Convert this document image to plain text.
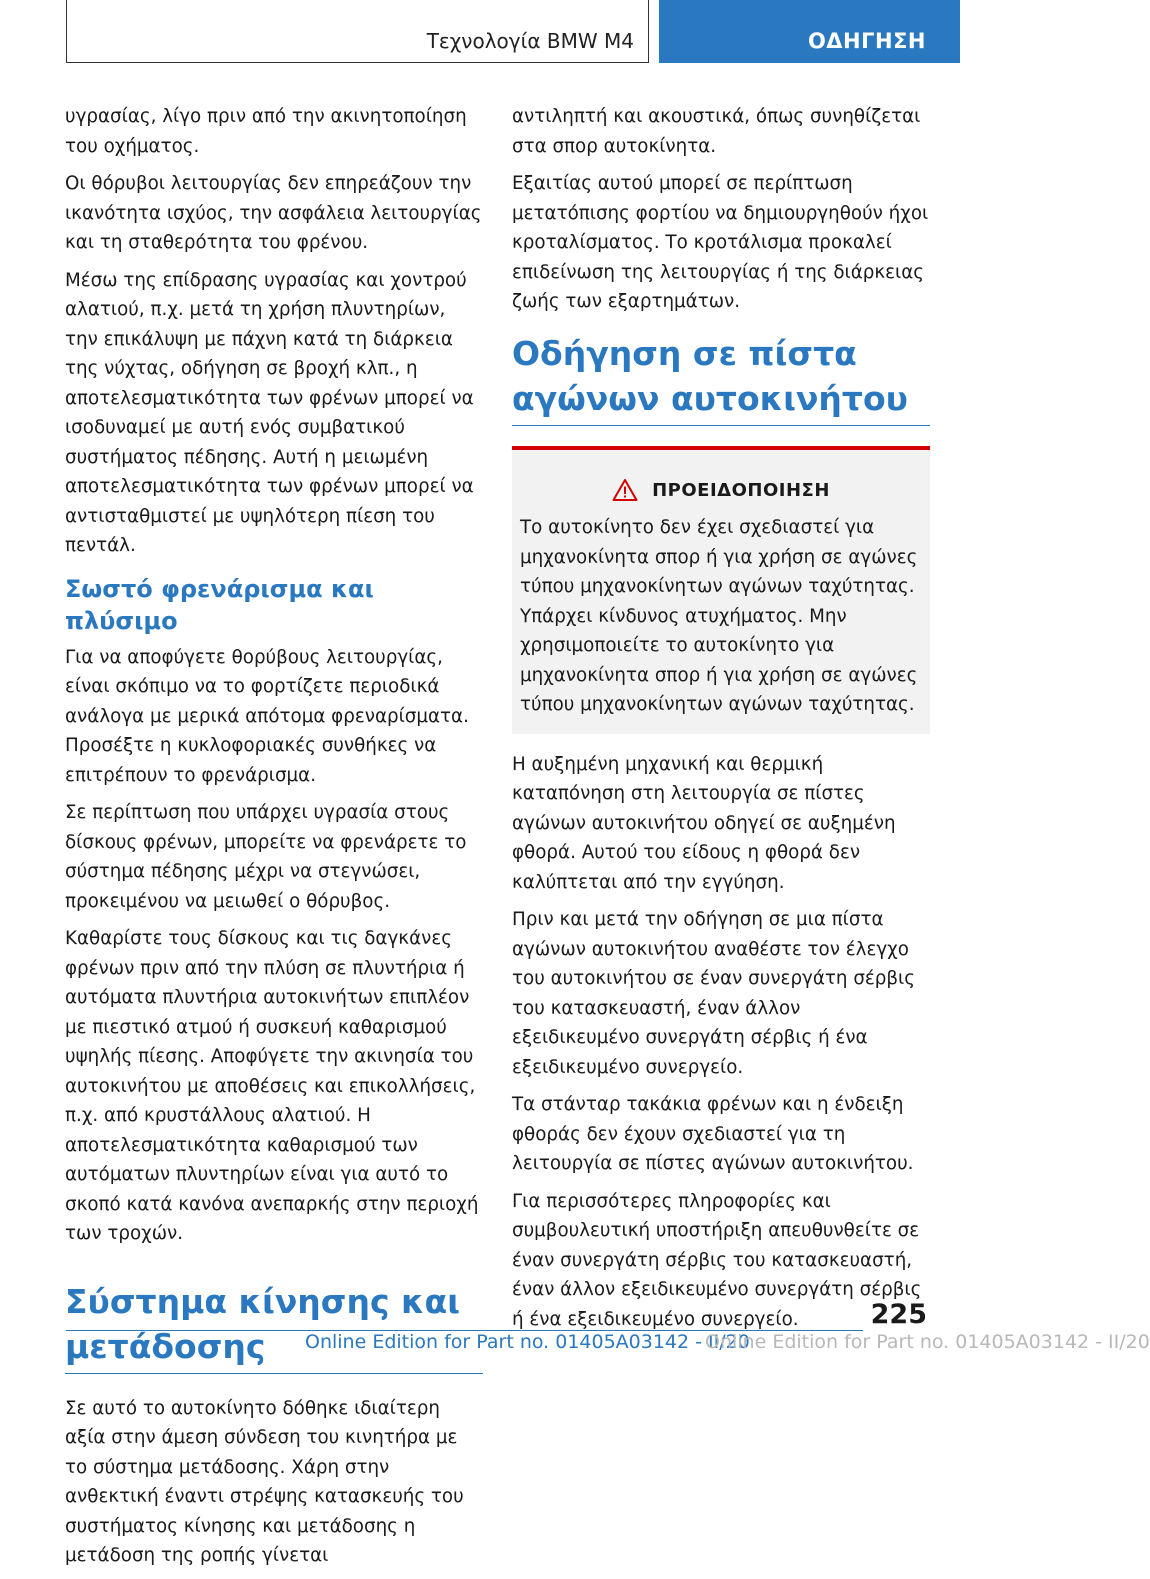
Τεχνολογία BMW M4	ΟΔΗΓΗΣΗ

υγρασίας, λίγο πριν από την ακινητοποίηση του οχήματος.

Οι θόρυβοι λειτουργίας δεν επηρεάζουν την ικανότητα ισχύος, την ασφάλεια λειτουργίας και τη σταθερότητα του φρένου.

Μέσω της επίδρασης υγρασίας και χοντρού αλατιού, π.χ. μετά τη χρήση πλυντηρίων, την επικάλυψη με πάχνη κατά τη διάρκεια της νύχτας, οδήγηση σε βροχή κλπ., η αποτελεσματικότητα των φρένων μπορεί να ισοδυναμεί με αυτή ενός συμβατικού συστήματος πέδησης. Αυτή η μειωμένη αποτελεσματικότητα των φρένων μπορεί να αντισταθμιστεί με υψηλότερη πίεση του πεντάλ.

Σωστό φρενάρισμα και πλύσιμο

Για να αποφύγετε θορύβους λειτουργίας, είναι σκόπιμο να το φορτίζετε περιοδικά ανάλογα με μερικά απότομα φρεναρίσματα. Προσέξτε η κυκλοφοριακές συνθήκες να επιτρέπουν το φρενάρισμα.

Σε περίπτωση που υπάρχει υγρασία στους δίσκους φρένων, μπορείτε να φρενάρετε το σύστημα πέδησης μέχρι να στεγνώσει, προκειμένου να μειωθεί ο θόρυβος.

Καθαρίστε τους δίσκους και τις δαγκάνες φρένων πριν από την πλύση σε πλυντήρια ή αυτόματα πλυντήρια αυτοκινήτων επιπλέον με πιεστικό ατμού ή συσκευή καθαρισμού υψηλής πίεσης. Αποφύγετε την ακινησία του αυτοκινήτου με αποθέσεις και επικολλήσεις, π.χ. από κρυστάλλους αλατιού. Η αποτελεσματικότητα καθαρισμού των αυτόματων πλυντηρίων είναι για αυτό το σκοπό κατά κανόνα ανεπαρκής στην περιοχή των τροχών.

Σύστημα κίνησης και μετάδοσης

Σε αυτό το αυτοκίνητο δόθηκε ιδιαίτερη αξία στην άμεση σύνδεση του κινητήρα με το σύστημα μετάδοσης. Χάρη στην ανθεκτική έναντι στρέψης κατασκευής του συστήματος κίνησης και μετάδοσης η μετάδοση της ροπής γίνεται

αντιληπτή και ακουστικά, όπως συνηθίζεται στα σπορ αυτοκίνητα.

Εξαιτίας αυτού μπορεί σε περίπτωση μετατόπισης φορτίου να δημιουργηθούν ήχοι κροταλίσματος. Το κροτάλισμα προκαλεί επιδείνωση της λειτουργίας ή της διάρκειας ζωής των εξαρτημάτων.

Οδήγηση σε πίστα αγώνων αυτοκινήτου
ΠΡΟΕΙΔΟΠΟΙΗΣΗ

Το αυτοκίνητο δεν έχει σχεδιαστεί για μηχανοκίνητα σπορ ή για χρήση σε αγώνες τύπου μηχανοκίνητων αγώνων ταχύτητας. Υπάρχει κίνδυνος ατυχήματος. Μην χρησιμοποιείτε το αυτοκίνητο για μηχανοκίνητα σπορ ή για χρήση σε αγώνες τύπου μηχανοκίνητων αγώνων ταχύτητας.

Η αυξημένη μηχανική και θερμική καταπόνηση στη λειτουργία σε πίστες αγώνων αυτοκινήτου οδηγεί σε αυξημένη φθορά. Αυτού του είδους η φθορά δεν καλύπτεται από την εγγύηση.

Πριν και μετά την οδήγηση σε μια πίστα αγώνων αυτοκινήτου αναθέστε τον έλεγχο του αυτοκινήτου σε έναν συνεργάτη σέρβις του κατασκευαστή, έναν άλλον εξειδικευμένο συνεργάτη σέρβις ή ένα εξειδικευμένο συνεργείο.

Τα στάνταρ τακάκια φρένων και η ένδειξη φθοράς δεν έχουν σχεδιαστεί για τη λειτουργία σε πίστες αγώνων αυτοκινήτου.

Για περισσότερες πληροφορίες και συμβουλευτική υποστήριξη απευθυνθείτε σε έναν συνεργάτη σέρβις του κατασκευαστή, έναν άλλον εξειδικευμένο συνεργάτη σέρβις ή ένα εξειδικευμένο συνεργείο.	225
Online Edition for Part no. 01405A03142 - II/20
Online Edition for Part no. 01405A03142 - II/20
